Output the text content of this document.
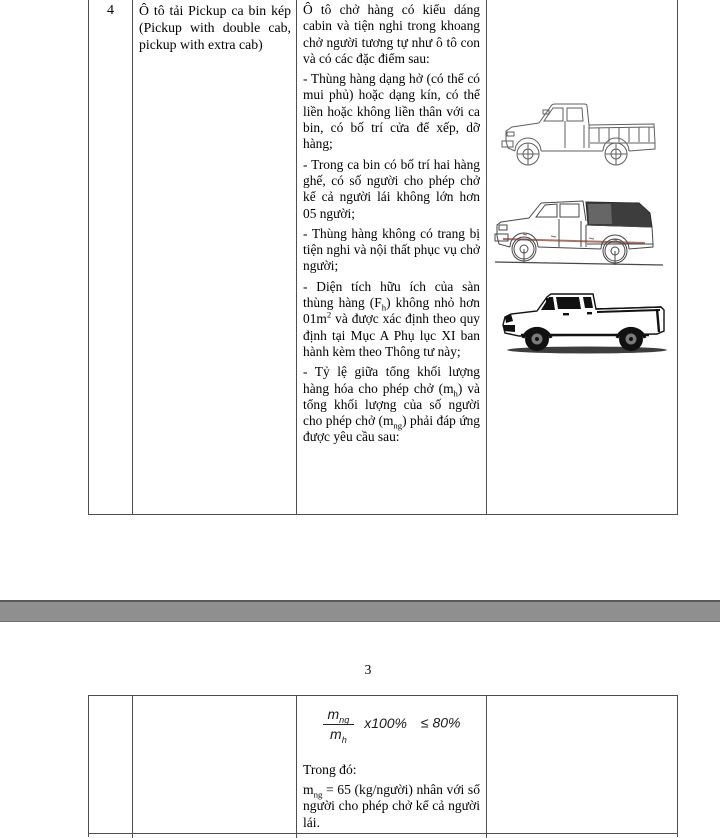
4	Ô tô tải Pickup ca bin kép (Pickup with double cab, pickup with extra cab)

Ô tô chở hàng có kiểu dáng cabin và tiện nghi trong khoang chở người tương tự như ô tô con và có các đặc điểm sau:

- Thùng hàng dạng hở (có thể có mui phủ) hoặc dạng kín, có thể liền hoặc không liền thân với ca bin, có bố trí cửa để xếp, dỡ hàng;

- Trong ca bin có bố trí hai hàng ghế, có số người cho phép chở kể cả người lái không lớn hơn 05 người;

- Thùng hàng không có trang bị tiện nghi và nội thất phục vụ chở người;

- Diện tích hữu ích của sàn thùng hàng $(F_h)$ không nhỏ hơn $01m^2$ và được xác định theo quy định tại Mục A Phụ lục XI ban hành kèm theo Thông tư này;

- Tỷ lệ giữa tổng khối lượng hàng hóa cho phép chở $(m_h)$ và tổng khối lượng của số người cho phép chở $(m_{ng})$ phải đáp ứng được yêu cầu sau:

3
$\frac{m_{ng}}{m_h} x100\% \le 80\%$

Trong đó:

$m_{ng} = 65$ (kg/người) nhân với số người cho phép chở kể cả người lái.
